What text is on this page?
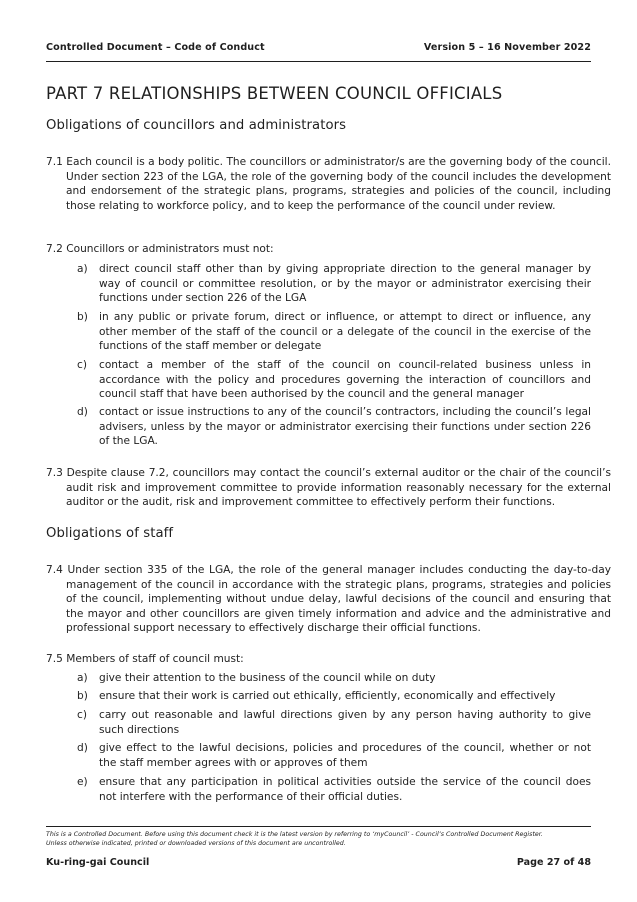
Controlled Document – Code of Conduct	Version 5 – 16 November 2022
PART 7 RELATIONSHIPS BETWEEN COUNCIL OFFICIALS
Obligations of councillors and administrators

7.1 Each council is a body politic. The councillors or administrator/s are the governing body of the council. Under section 223 of the LGA, the role of the governing body of the council includes the development and endorsement of the strategic plans, programs, strategies and policies of the council, including those relating to workforce policy, and to keep the performance of the council under review.

7.2 Councillors or administrators must not:

a)	direct council staff other than by giving appropriate direction to the general manager by way of council or committee resolution, or by the mayor or administrator exercising their functions under section 226 of the LGA
b)	in any public or private forum, direct or influence, or attempt to direct or influence, any other member of the staff of the council or a delegate of the council in the exercise of the functions of the staff member or delegate
c)	contact a member of the staff of the council on council-related business unless in accordance with the policy and procedures governing the interaction of councillors and council staff that have been authorised by the council and the general manager
d)	contact or issue instructions to any of the council’s contractors, including the council’s legal advisers, unless by the mayor or administrator exercising their functions under section 226 of the LGA.

7.3 Despite clause 7.2, councillors may contact the council’s external auditor or the chair of the council’s audit risk and improvement committee to provide information reasonably necessary for the external auditor or the audit, risk and improvement committee to effectively perform their functions.

Obligations of staff

7.4 Under section 335 of the LGA, the role of the general manager includes conducting the day-to-day management of the council in accordance with the strategic plans, programs, strategies and policies of the council, implementing without undue delay, lawful decisions of the council and ensuring that the mayor and other councillors are given timely information and advice and the administrative and professional support necessary to effectively discharge their official functions.

7.5 Members of staff of council must:

a)	give their attention to the business of the council while on duty
b)	ensure that their work is carried out ethically, efficiently, economically and effectively
c)	carry out reasonable and lawful directions given by any person having authority to give such directions
d)	give effect to the lawful decisions, policies and procedures of the council, whether or not the staff member agrees with or approves of them
e)	ensure that any participation in political activities outside the service of the council does not interfere with the performance of their official duties.
This is a Controlled Document. Before using this document check it is the latest version by referring to ‘myCouncil’ - Council’s Controlled Document Register.
Unless otherwise indicated, printed or downloaded versions of this document are uncontrolled.
Ku-ring-gai Council	Page 27 of 48
